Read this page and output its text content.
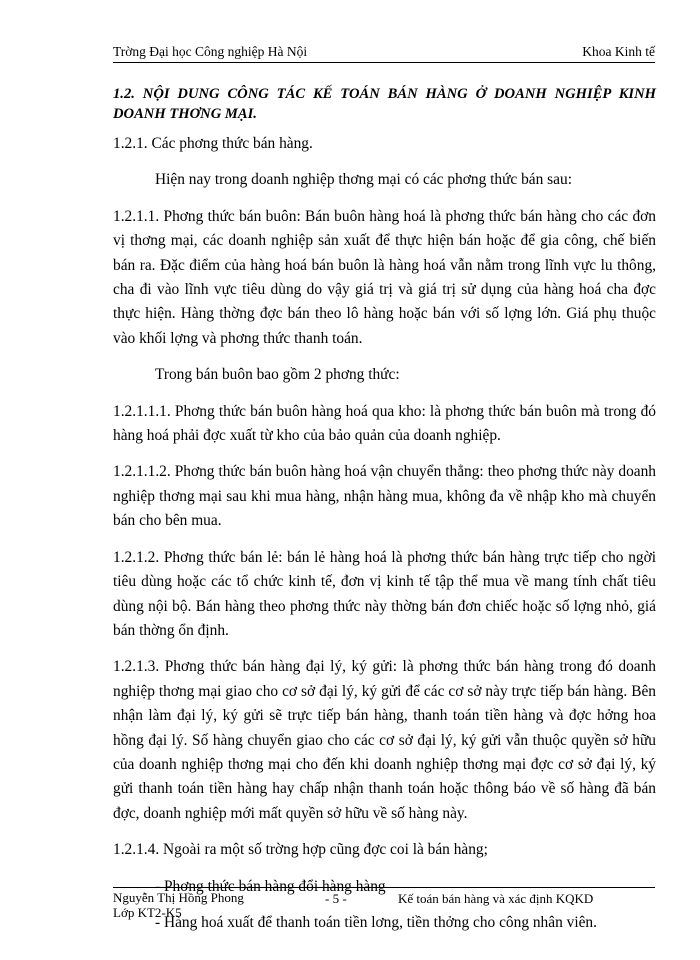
Trờng Đại học Công nghiệp Hà Nội	Khoa Kinh tế

1.2. NỘI DUNG CÔNG TÁC KẾ TOÁN BÁN HÀNG Ở DOANH NGHIỆP KINH DOANH THƠNG MẠI.

1.2.1. Các phơng thức bán hàng.

Hiện nay trong doanh nghiệp thơng mại có các phơng thức bán sau:

1.2.1.1. Phơng thức bán buôn: Bán buôn hàng hoá là phơng thức bán hàng cho các đơn vị thơng mại, các doanh nghiệp sản xuất để thực hiện bán hoặc để gia công, chế biến bán ra. Đặc điểm của hàng hoá bán buôn là hàng hoá vẫn nằm trong lĩnh vực lu thông, cha đi vào lĩnh vực tiêu dùng do vậy giá trị và giá trị sử dụng của hàng hoá cha đợc thực hiện. Hàng thờng đợc bán theo lô hàng hoặc bán với số lợng lớn. Giá phụ thuộc vào khối lợng và phơng thức thanh toán.

Trong bán buôn bao gồm 2 phơng thức:

1.2.1.1.1. Phơng thức bán buôn hàng hoá qua kho: là phơng thức bán buôn mà trong đó hàng hoá phải đợc xuất từ kho của bảo quản của doanh nghiệp.

1.2.1.1.2. Phơng thức bán buôn hàng hoá vận chuyển thẳng: theo phơng thức này doanh nghiệp thơng mại sau khi mua hàng, nhận hàng mua, không đa về nhập kho mà chuyển bán cho bên mua.

1.2.1.2. Phơng thức bán lẻ: bán lẻ hàng hoá là phơng thức bán hàng trực tiếp cho ngời tiêu dùng hoặc các tổ chức kinh tế, đơn vị kinh tế tập thể mua về mang tính chất tiêu dùng nội bộ. Bán hàng theo phơng thức này thờng bán đơn chiếc hoặc số lợng nhỏ, giá bán thờng ổn định.

1.2.1.3. Phơng thức bán hàng đại lý, ký gửi: là phơng thức bán hàng trong đó doanh nghiệp thơng mại giao cho cơ sở đại lý, ký gửi để các cơ sở này trực tiếp bán hàng. Bên nhận làm đại lý, ký gửi sẽ trực tiếp bán hàng, thanh toán tiền hàng và đợc hởng hoa hồng đại lý. Số hàng chuyển giao cho các cơ sở đại lý, ký gửi vẫn thuộc quyền sở hữu của doanh nghiệp thơng mại cho đến khi doanh nghiệp thơng mại đợc cơ sở đại lý, ký gửi thanh toán tiền hàng hay chấp nhận thanh toán hoặc thông báo về số hàng đã bán đợc, doanh nghiệp mới mất quyền sở hữu về số hàng này.

1.2.1.4. Ngoài ra một số trờng hợp cũng đợc coi là bán hàng;

- Phơng thức bán hàng đổi hàng hàng

- Hàng hoá xuất để thanh toán tiền lơng, tiền thởng cho công nhân viên.

Nguyễn Thị Hồng Phong
Lớp KT2-K5
- 5 -	Kế toán bán hàng và xác định KQKD
